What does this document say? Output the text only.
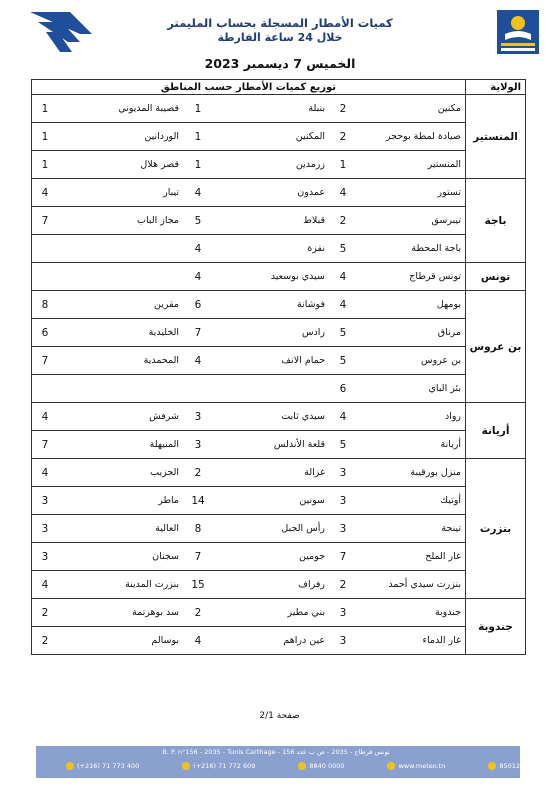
كميات الأمطار المسجلة بحساب المليمتر
خلال 24 ساعة الفارطة
الخميس 7 ديسمبر 2023
الولاية	توزيع كميات الأمطار حسب المناطق
المنستير	
مكنين	2	بنبلة	1	قصيبة المديوني	1
صيادة لمطة بوحجر	2	المكنين	1	الوردانين	1
المنستير	1	زرمدين	1	قصر هلال	1

باجة	
تستور	4	عمدون	4	تيبار	4
تيبرسق	2	قبلاط	5	مجاز الباب	7
باجة المحطة	5	نفزة	4		

تونس	
تونس قرطاج	4	سيدي بوسعيد	4		

بن عروس	
بومهل	4	فوشانة	6	مقرين	8
مرناق	5	رادس	7	الخليدية	6
بن عروس	5	حمام الانف	4	المحمدية	7
بئر الباي	6				

أريانة	
رواد	4	سيدي ثابت	3	شرفش	4
أريانة	5	قلعة الأندلس	3	المنيهلة	7

بنزرت	
منزل بورقيبة	3	غزالة	2	الجزيب	4
أوتيك	3	سونين	14	ماطر	3
تينجة	3	رأس الجبل	8	العالية	3
غار الملح	7	جومين	7	سجنان	3
بنزرت سيدي أحمد	2	رفراف	15	بنزرت المدينة	4

جندوبة	
جندوبة	3	بني مطير	2	سد بوهرتمة	2
غار الدماء	3	عين دراهم	4	بوسالم	2
صفحة 2/1
B. P. n°156 - 2035 - Tunis Carthage - تونس قرطاج - 2035 - ص ب عدد 156
(+216) 71 773 400	(+216) 71 772 609	8840 0000	www.meteo.tn	85012
